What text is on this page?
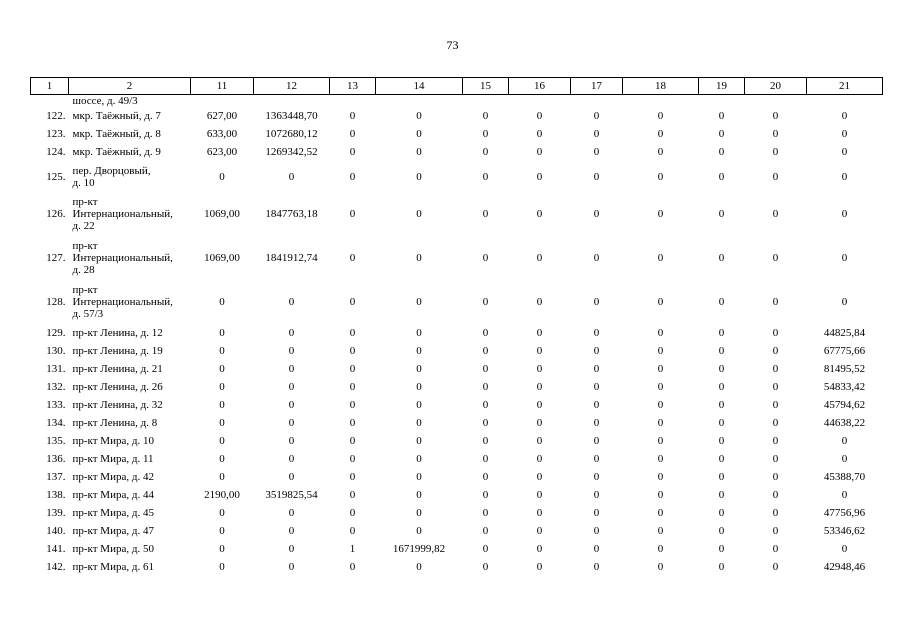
73
1	2	11	12	13	14	15	16	17	18	19	20	21
	шоссе, д. 49/3											
122.	мкр. Таёжный, д. 7	627,00	1363448,70	0	0	0	0	0	0	0	0	0
123.	мкр. Таёжный, д. 8	633,00	1072680,12	0	0	0	0	0	0	0	0	0
124.	мкр. Таёжный, д. 9	623,00	1269342,52	0	0	0	0	0	0	0	0	0
125.	пер. Дворцовый,
д. 10	0	0	0	0	0	0	0	0	0	0	0
126.	пр-кт
Интернациональный,
д. 22	1069,00	1847763,18	0	0	0	0	0	0	0	0	0
127.	пр-кт
Интернациональный,
д. 28	1069,00	1841912,74	0	0	0	0	0	0	0	0	0
128.	пр-кт
Интернациональный,
д. 57/3	0	0	0	0	0	0	0	0	0	0	0
129.	пр-кт Ленина, д. 12	0	0	0	0	0	0	0	0	0	0	44825,84
130.	пр-кт Ленина, д. 19	0	0	0	0	0	0	0	0	0	0	67775,66
131.	пр-кт Ленина, д. 21	0	0	0	0	0	0	0	0	0	0	81495,52
132.	пр-кт Ленина, д. 26	0	0	0	0	0	0	0	0	0	0	54833,42
133.	пр-кт Ленина, д. 32	0	0	0	0	0	0	0	0	0	0	45794,62
134.	пр-кт Ленина, д. 8	0	0	0	0	0	0	0	0	0	0	44638,22
135.	пр-кт Мира, д. 10	0	0	0	0	0	0	0	0	0	0	0
136.	пр-кт Мира, д. 11	0	0	0	0	0	0	0	0	0	0	0
137.	пр-кт Мира, д. 42	0	0	0	0	0	0	0	0	0	0	45388,70
138.	пр-кт Мира, д. 44	2190,00	3519825,54	0	0	0	0	0	0	0	0	0
139.	пр-кт Мира, д. 45	0	0	0	0	0	0	0	0	0	0	47756,96
140.	пр-кт Мира, д. 47	0	0	0	0	0	0	0	0	0	0	53346,62
141.	пр-кт Мира, д. 50	0	0	1	1671999,82	0	0	0	0	0	0	0
142.	пр-кт Мира, д. 61	0	0	0	0	0	0	0	0	0	0	42948,46
